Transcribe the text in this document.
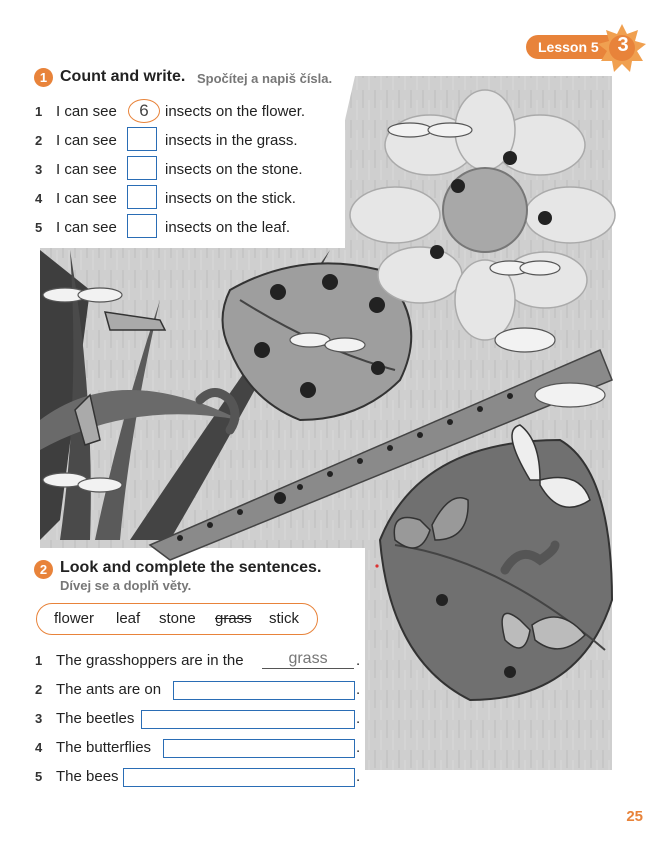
Lesson 5 3
1 Count and write. Spočítej a napiš čísla.
1 I can see	6	insects on the flower.
2 I can see	insects in the grass.
3 I can see	insects on the stone.
4 I can see	insects on the stick.
5 I can see	insects on the leaf.
2 Look and complete the sentences.
Dívej se a doplň věty.
flower leaf stone grass stick
1 The grasshoppers are in the	grass	.
2 The ants are on	.
3 The beetles	.
4 The butterflies	.
5 The bees	.
25
